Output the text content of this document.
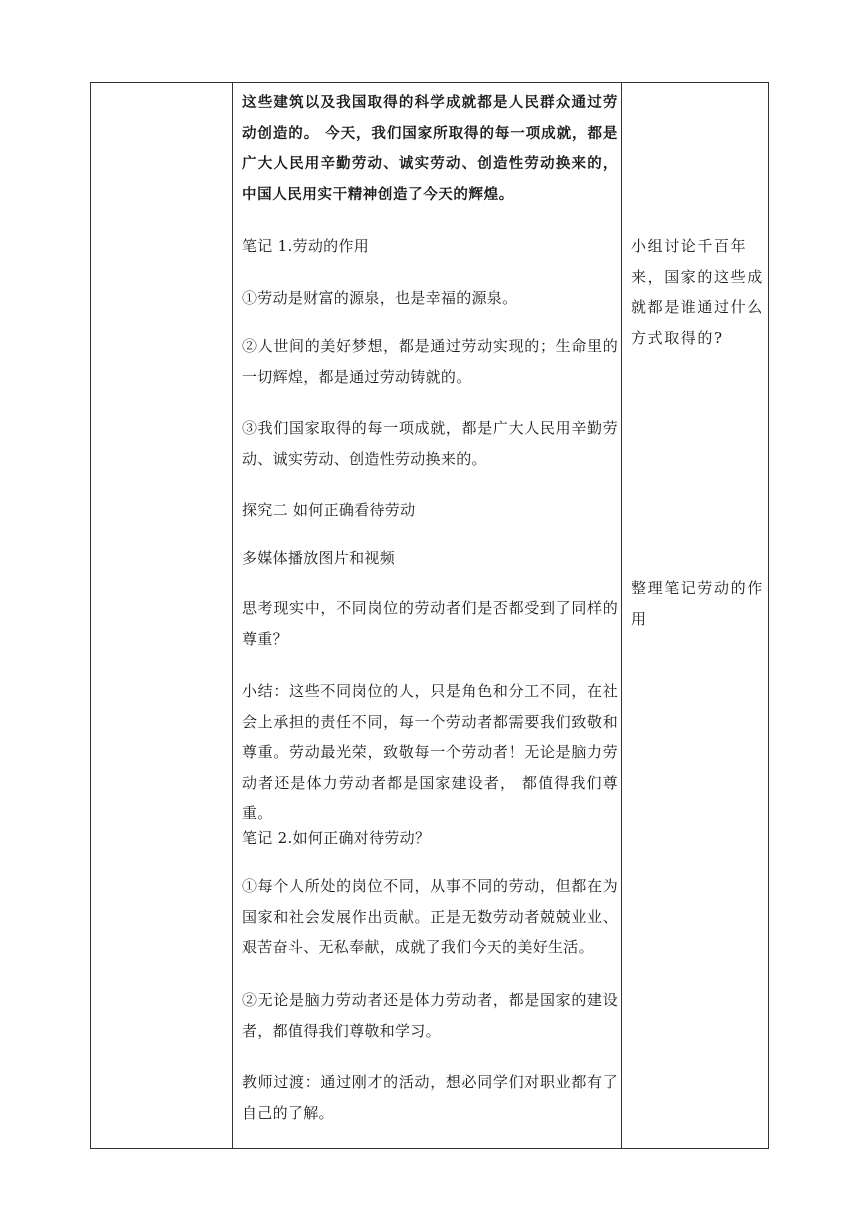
这些建筑以及我国取得的科学成就都是人民群众通过劳动创造的。 今天，我们国家所取得的每一项成就，都是广大人民用辛勤劳动、诚实劳动、创造性劳动换来的，中国人民用实干精神创造了今天的辉煌。

笔记 1.劳动的作用

①劳动是财富的源泉，也是幸福的源泉。

②人世间的美好梦想，都是通过劳动实现的；生命里的一切辉煌，都是通过劳动铸就的。

③我们国家取得的每一项成就，都是广大人民用辛勤劳动、诚实劳动、创造性劳动换来的。

探究二 如何正确看待劳动

多媒体播放图片和视频

思考现实中，不同岗位的劳动者们是否都受到了同样的尊重？

小结：这些不同岗位的人，只是角色和分工不同，在社会上承担的责任不同，每一个劳动者都需要我们致敬和尊重。劳动最光荣，致敬每一个劳动者！无论是脑力劳动者还是体力劳动者都是国家建设者， 都值得我们尊重。

笔记 2.如何正确对待劳动？

①每个人所处的岗位不同，从事不同的劳动，但都在为国家和社会发展作出贡献。正是无数劳动者兢兢业业、艰苦奋斗、无私奉献，成就了我们今天的美好生活。

②无论是脑力劳动者还是体力劳动者，都是国家的建设者，都值得我们尊敬和学习。

教师过渡：通过刚才的活动，想必同学们对职业都有了自己的了解。

小组讨论千百年来，国家的这些成就都是谁通过什么方式取得的?

整理笔记劳动的作用
